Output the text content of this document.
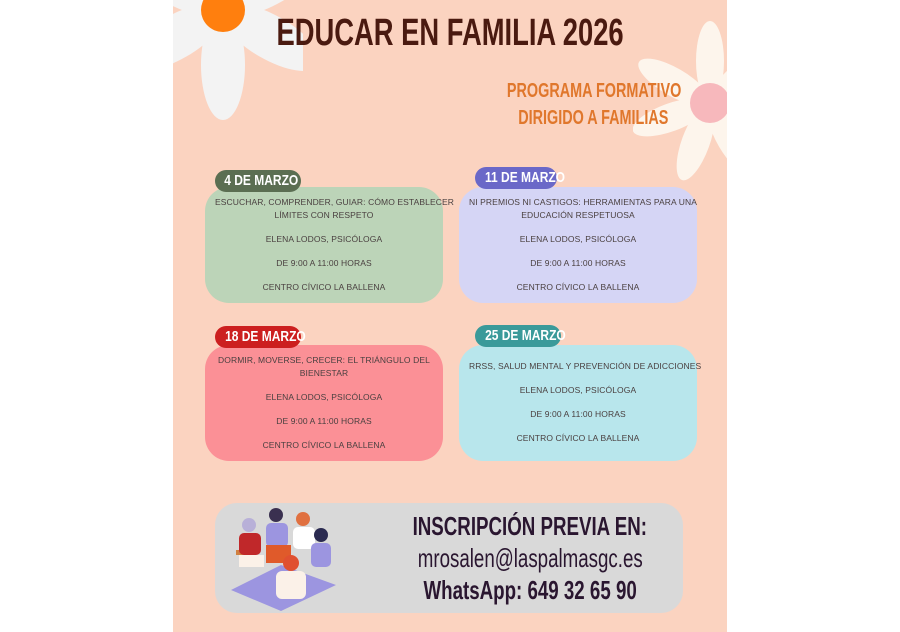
EDUCAR EN FAMILIA 2026
PROGRAMA FORMATIVO
DIRIGIDO A FAMILIAS
ESCUCHAR, COMPRENDER, GUIAR: CÓMO ESTABLECER
LÍMITES CON RESPETO
ELENA LODOS, PSICÓLOGA
DE 9:00 A 11:00 HORAS
CENTRO CÍVICO LA BALLENA
4 DE MARZO
NI PREMIOS NI CASTIGOS: HERRAMIENTAS PARA UNA
EDUCACIÓN RESPETUOSA
ELENA LODOS, PSICÓLOGA
DE 9:00 A 11:00 HORAS
CENTRO CÍVICO LA BALLENA
11 DE MARZO
DORMIR, MOVERSE, CRECER: EL TRIÁNGULO DEL
BIENESTAR
ELENA LODOS, PSICÓLOGA
DE 9:00 A 11:00 HORAS
CENTRO CÍVICO LA BALLENA
18 DE MARZO
RRSS, SALUD MENTAL Y PREVENCIÓN DE ADICCIONES
ELENA LODOS, PSICÓLOGA
DE 9:00 A 11:00 HORAS
CENTRO CÍVICO LA BALLENA
25 DE MARZO
INSCRIPCIÓN PREVIA EN:
mrosalen@laspalmasgc.es
WhatsApp: 649 32 65 90
